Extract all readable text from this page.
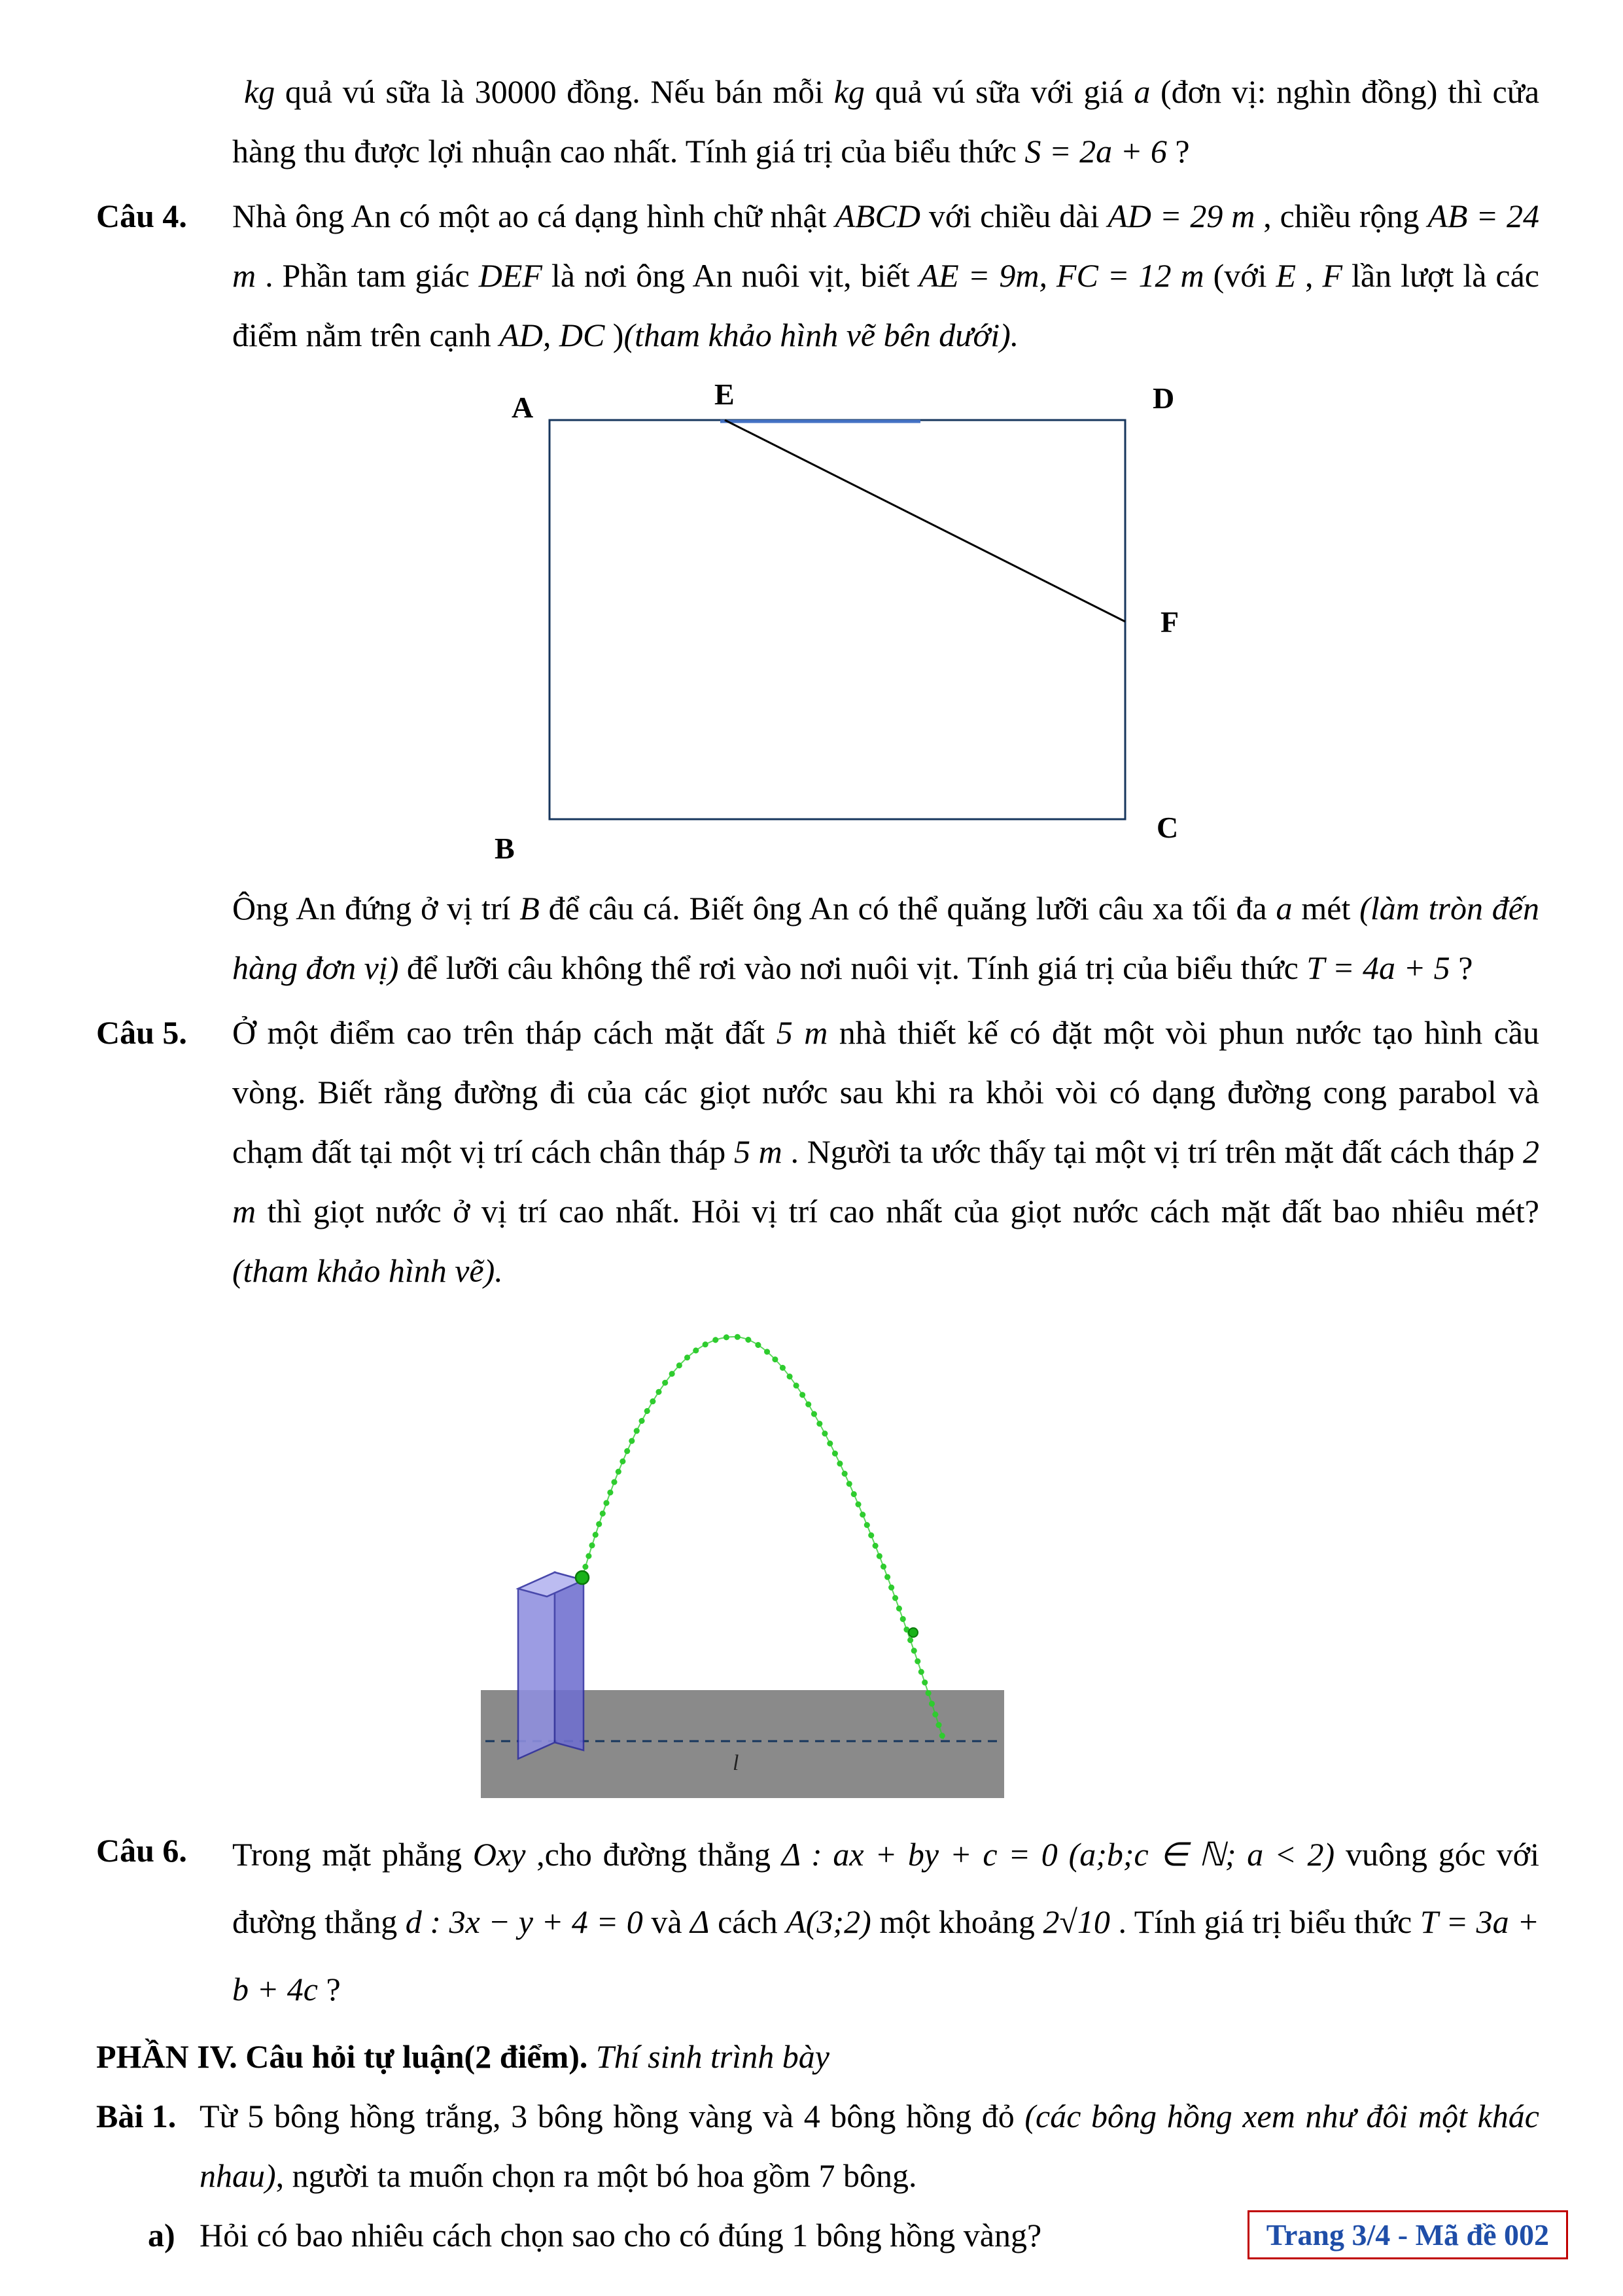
kg quả vú sữa là 30000 đồng. Nếu bán mỗi kg quả vú sữa với giá a (đơn vị: nghìn đồng) thì cửa hàng thu được lợi nhuận cao nhất. Tính giá trị của biểu thức S = 2a + 6 ?
Câu 4.	Nhà ông An có một ao cá dạng hình chữ nhật ABCD với chiều dài AD = 29 m , chiều rộng AB = 24 m . Phần tam giác DEF là nơi ông An nuôi vịt, biết AE = 9m, FC = 12 m (với E , F lần lượt là các điểm nằm trên cạnh AD, DC )(tham khảo hình vẽ bên dưới).
A	E	D
F
B
C
Ông An đứng ở vị trí B để câu cá. Biết ông An có thể quăng lưỡi câu xa tối đa a mét (làm tròn đến hàng đơn vị) để lưỡi câu không thể rơi vào nơi nuôi vịt. Tính giá trị của biểu thức T = 4a + 5 ?
Câu 5.	Ở một điểm cao trên tháp cách mặt đất 5 m nhà thiết kế có đặt một vòi phun nước tạo hình cầu vòng. Biết rằng đường đi của các giọt nước sau khi ra khỏi vòi có dạng đường cong parabol và chạm đất tại một vị trí cách chân tháp 5 m . Người ta ước thấy tại một vị trí trên mặt đất cách tháp 2 m thì giọt nước ở vị trí cao nhất. Hỏi vị trí cao nhất của giọt nước cách mặt đất bao nhiêu mét?(tham khảo hình vẽ).
l
Câu 6.	Trong mặt phẳng Oxy ,cho đường thẳng Δ : ax + by + c = 0 (a;b;c ∈ ℕ; a < 2) vuông góc với đường thẳng d : 3x − y + 4 = 0 và Δ cách A(3;2) một khoảng 2√10 . Tính giá trị biểu thức T = 3a + b + 4c ?
PHẦN IV. Câu hỏi tự luận(2 điểm). Thí sinh trình bày
Bài 1. Từ 5 bông hồng trắng, 3 bông hồng vàng và 4 bông hồng đỏ (các bông hồng xem như đôi một khác nhau), người ta muốn chọn ra một bó hoa gồm 7 bông.
a) Hỏi có bao nhiêu cách chọn sao cho có đúng 1 bông hồng vàng?	Trang 3/4 - Mã đề 002
